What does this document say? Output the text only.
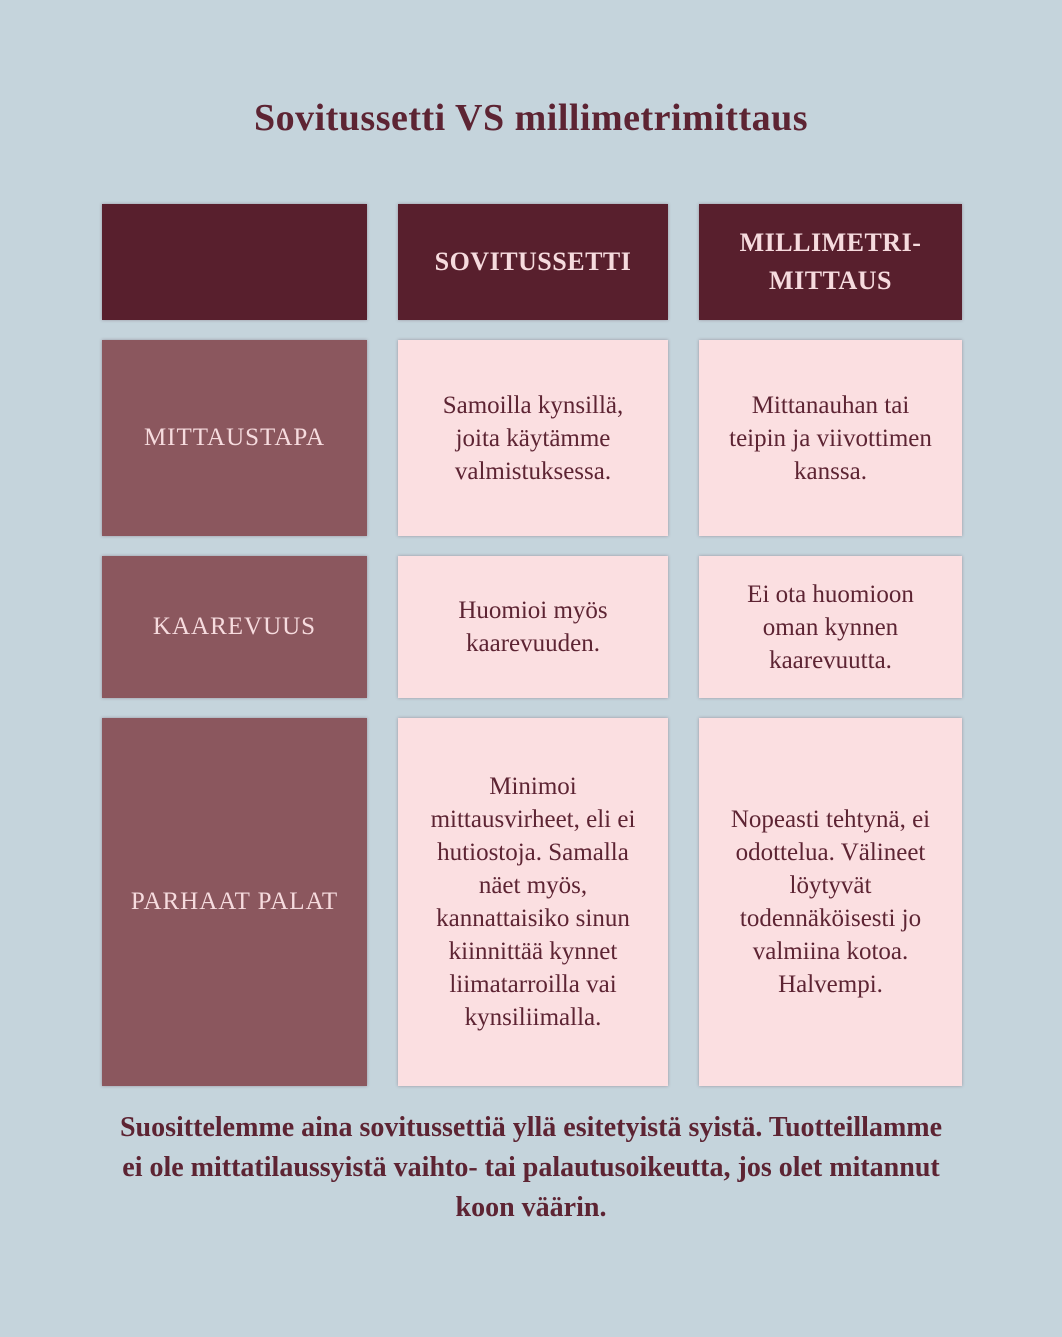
Sovitussetti VS millimetrimittaus
SOVITUSSETTI
MILLIMETRI-MITTAUS
MITTAUSTAPA
Samoilla kynsillä, joita käytämme valmistuksessa.
Mittanauhan tai teipin ja viivottimen kanssa.
KAAREVUUS
Huomioi myös kaarevuuden.
Ei ota huomioon oman kynnen kaarevuutta.
PARHAAT PALAT
Minimoi mittausvirheet, eli ei hutiostoja. Samalla näet myös, kannattaisiko sinun kiinnittää kynnet liimatarroilla vai kynsiliimalla.
Nopeasti tehtynä, ei odottelua. Välineet löytyvät todennäköisesti jo valmiina kotoa. Halvempi.

Suosittelemme aina sovitussettiä yllä esitetyistä syistä. Tuotteillamme ei ole mittatilaussyistä vaihto- tai palautusoikeutta, jos olet mitannut koon väärin.
